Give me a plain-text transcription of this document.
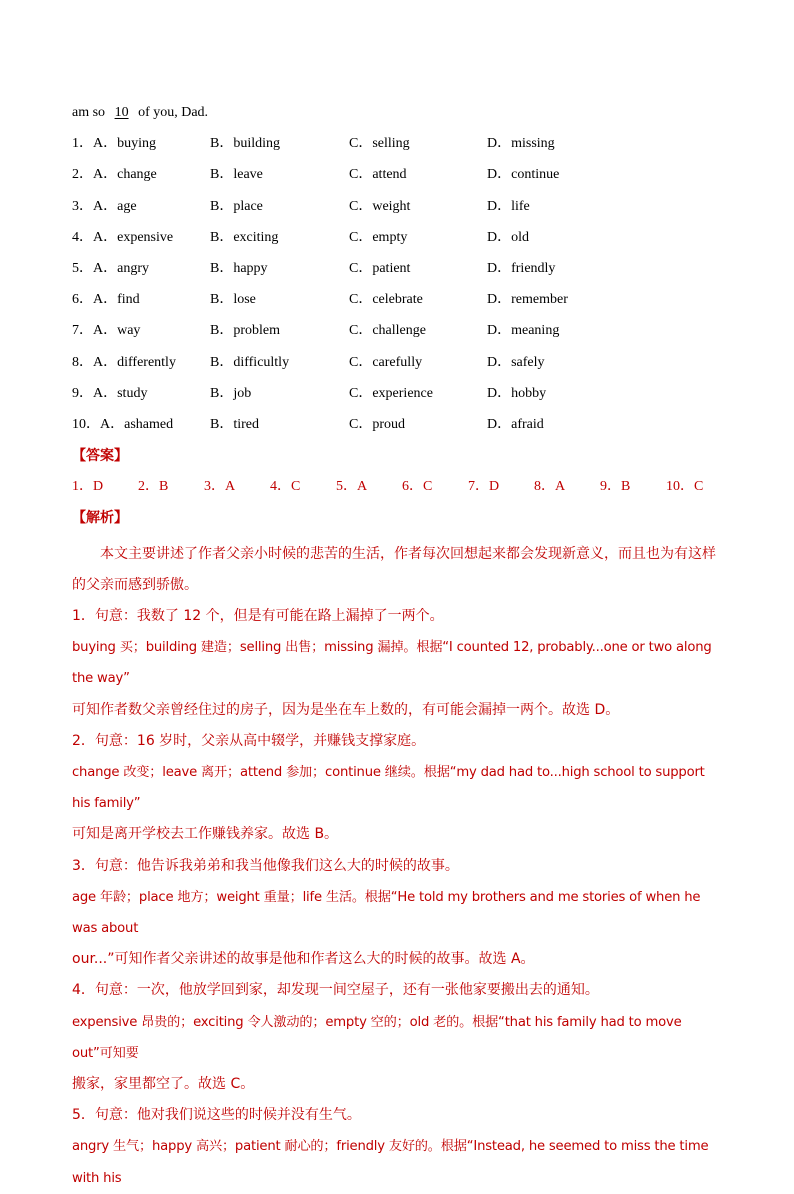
am so 10 of you, Dad.
1．A．buying	B．building	C．selling	D．missing
2．A．change	B．leave	C．attend	D．continue
3．A．age	B．place	C．weight	D．life
4．A．expensive	B．exciting	C．empty	D．old
5．A．angry	B．happy	C．patient	D．friendly
6．A．find	B．lose	C．celebrate	D．remember
7．A．way	B．problem	C．challenge	D．meaning
8．A．differently	B．difficultly	C．carefully	D．safely
9．A．study	B．job	C．experience	D．hobby
10．A．ashamed	B．tired	C．proud	D．afraid
【答案】
1．D	2．B	3．A	4．C	5．A	6．C	7．D	8．A	9．B	10．C
【解析】
本文主要讲述了作者父亲小时候的悲苦的生活，作者每次回想起来都会发现新意义，而且也为有这样的父亲而感到骄傲。
1．句意：我数了 12 个，但是有可能在路上漏掉了一两个。
buying 买；building 建造；selling 出售；missing 漏掉。根据“I counted 12, probably...one or two along the way”
可知作者数父亲曾经住过的房子，因为是坐在车上数的，有可能会漏掉一两个。故选 D。
2．句意：16 岁时，父亲从高中辍学，并赚钱支撑家庭。
change 改变；leave 离开；attend 参加；continue 继续。根据“my dad had to...high school to support his family”
可知是离开学校去工作赚钱养家。故选 B。
3．句意：他告诉我弟弟和我当他像我们这么大的时候的故事。
age 年龄；place 地方；weight 重量；life 生活。根据“He told my brothers and me stories of when he was about
our...”可知作者父亲讲述的故事是他和作者这么大的时候的故事。故选 A。
4．句意：一次，他放学回到家，却发现一间空屋子，还有一张他家要搬出去的通知。
expensive 昂贵的；exciting 令人激动的；empty 空的；old 老的。根据“that his family had to move out”可知要
搬家，家里都空了。故选 C。
5．句意：他对我们说这些的时候并没有生气。
angry 生气；happy 高兴；patient 耐心的；friendly 友好的。根据“Instead, he seemed to miss the time with his
